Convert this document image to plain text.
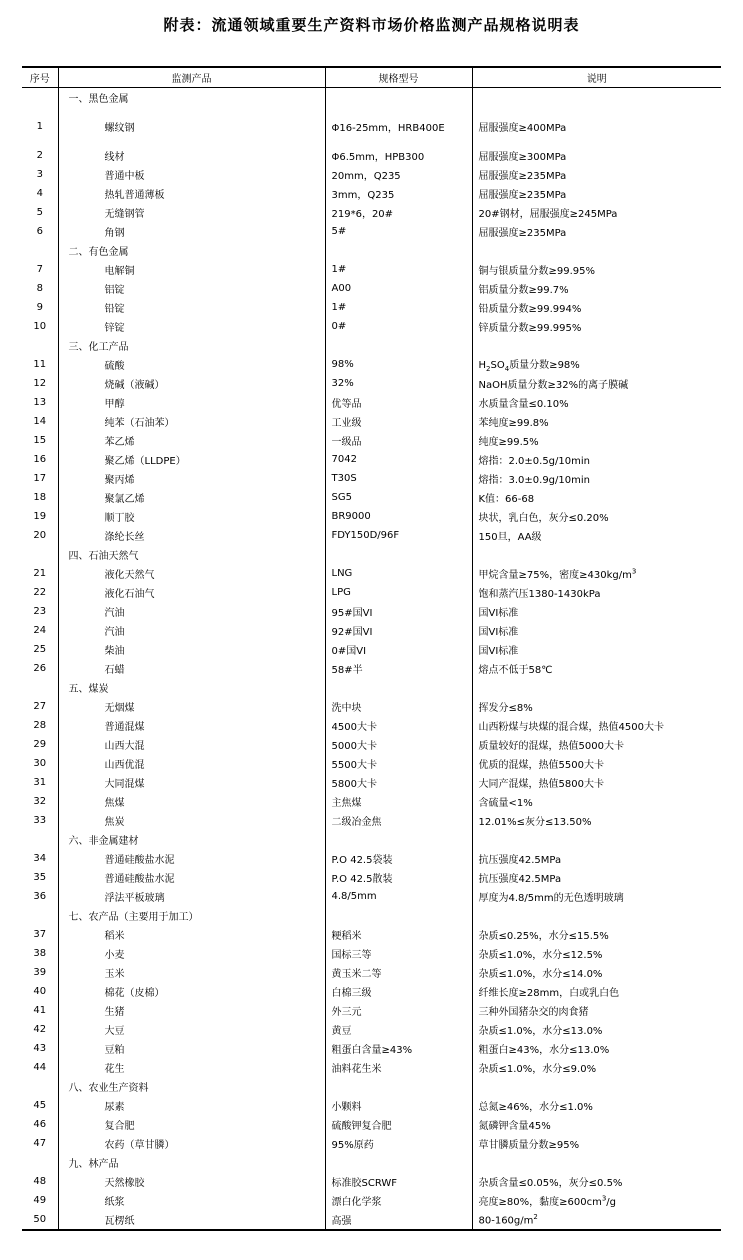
附表：流通领域重要生产资料市场价格监测产品规格说明表
序号	监测产品	规格型号	说明
	一、黑色金属		
1	螺纹钢	Φ16-25mm，HRB400E	屈服强度≥400MPa
2	线材	Φ6.5mm，HPB300	屈服强度≥300MPa
3	普通中板	20mm，Q235	屈服强度≥235MPa
4	热轧普通薄板	3mm，Q235	屈服强度≥235MPa
5	无缝钢管	219*6，20#	20#钢材，屈服强度≥245MPa
6	角钢	5#	屈服强度≥235MPa
	二、有色金属		
7	电解铜	1#	铜与银质量分数≥99.95%
8	铝锭	A00	铝质量分数≥99.7%
9	铅锭	1#	铅质量分数≥99.994%
10	锌锭	0#	锌质量分数≥99.995%
	三、化工产品		
11	硫酸	98%	$H_2SO_4$质量分数≥98%
12	烧碱（液碱）	32%	NaOH质量分数≥32%的离子膜碱
13	甲醇	优等品	水质量含量≤0.10%
14	纯苯（石油苯）	工业级	苯纯度≥99.8%
15	苯乙烯	一级品	纯度≥99.5%
16	聚乙烯（LLDPE）	7042	熔指：2.0±0.5g/10min
17	聚丙烯	T30S	熔指：3.0±0.9g/10min
18	聚氯乙烯	SG5	K值：66-68
19	顺丁胶	BR9000	块状，乳白色，灰分≤0.20%
20	涤纶长丝	FDY150D/96F	150旦，AA级
	四、石油天然气		
21	液化天然气	LNG	甲烷含量≥75%，密度$\ge 430kg/m^3$
22	液化石油气	LPG	饱和蒸汽压1380-1430kPa
23	汽油	95#国VI	国VI标准
24	汽油	92#国VI	国VI标准
25	柴油	0#国VI	国VI标准
26	石蜡	58#半	熔点不低于58℃
	五、煤炭		
27	无烟煤	洗中块	挥发分≤8%
28	普通混煤	4500大卡	山西粉煤与块煤的混合煤，热值4500大卡
29	山西大混	5000大卡	质量较好的混煤，热值5000大卡
30	山西优混	5500大卡	优质的混煤，热值5500大卡
31	大同混煤	5800大卡	大同产混煤，热值5800大卡
32	焦煤	主焦煤	含硫量<1%
33	焦炭	二级冶金焦	12.01%≤灰分≤13.50%
	六、非金属建材		
34	普通硅酸盐水泥	P.O 42.5袋装	抗压强度42.5MPa
35	普通硅酸盐水泥	P.O 42.5散装	抗压强度42.5MPa
36	浮法平板玻璃	4.8/5mm	厚度为4.8/5mm的无色透明玻璃
	七、农产品（主要用于加工）		
37	稻米	粳稻米	杂质≤0.25%，水分≤15.5%
38	小麦	国标三等	杂质≤1.0%，水分≤12.5%
39	玉米	黄玉米二等	杂质≤1.0%，水分≤14.0%
40	棉花（皮棉）	白棉三级	纤维长度≥28mm，白或乳白色
41	生猪	外三元	三种外国猪杂交的肉食猪
42	大豆	黄豆	杂质≤1.0%，水分≤13.0%
43	豆粕	粗蛋白含量≥43%	粗蛋白≥43%，水分≤13.0%
44	花生	油料花生米	杂质≤1.0%，水分≤9.0%
	八、农业生产资料		
45	尿素	小颗料	总氮≥46%，水分≤1.0%
46	复合肥	硫酸钾复合肥	氮磷钾含量45%
47	农药（草甘膦）	95%原药	草甘膦质量分数≥95%
	九、林产品		
48	天然橡胶	标准胶SCRWF	杂质含量≤0.05%，灰分≤0.5%
49	纸浆	漂白化学浆	亮度≥80%，黏度$\ge 600cm^3/g$
50	瓦楞纸	高强	$80-160g/m^2$
